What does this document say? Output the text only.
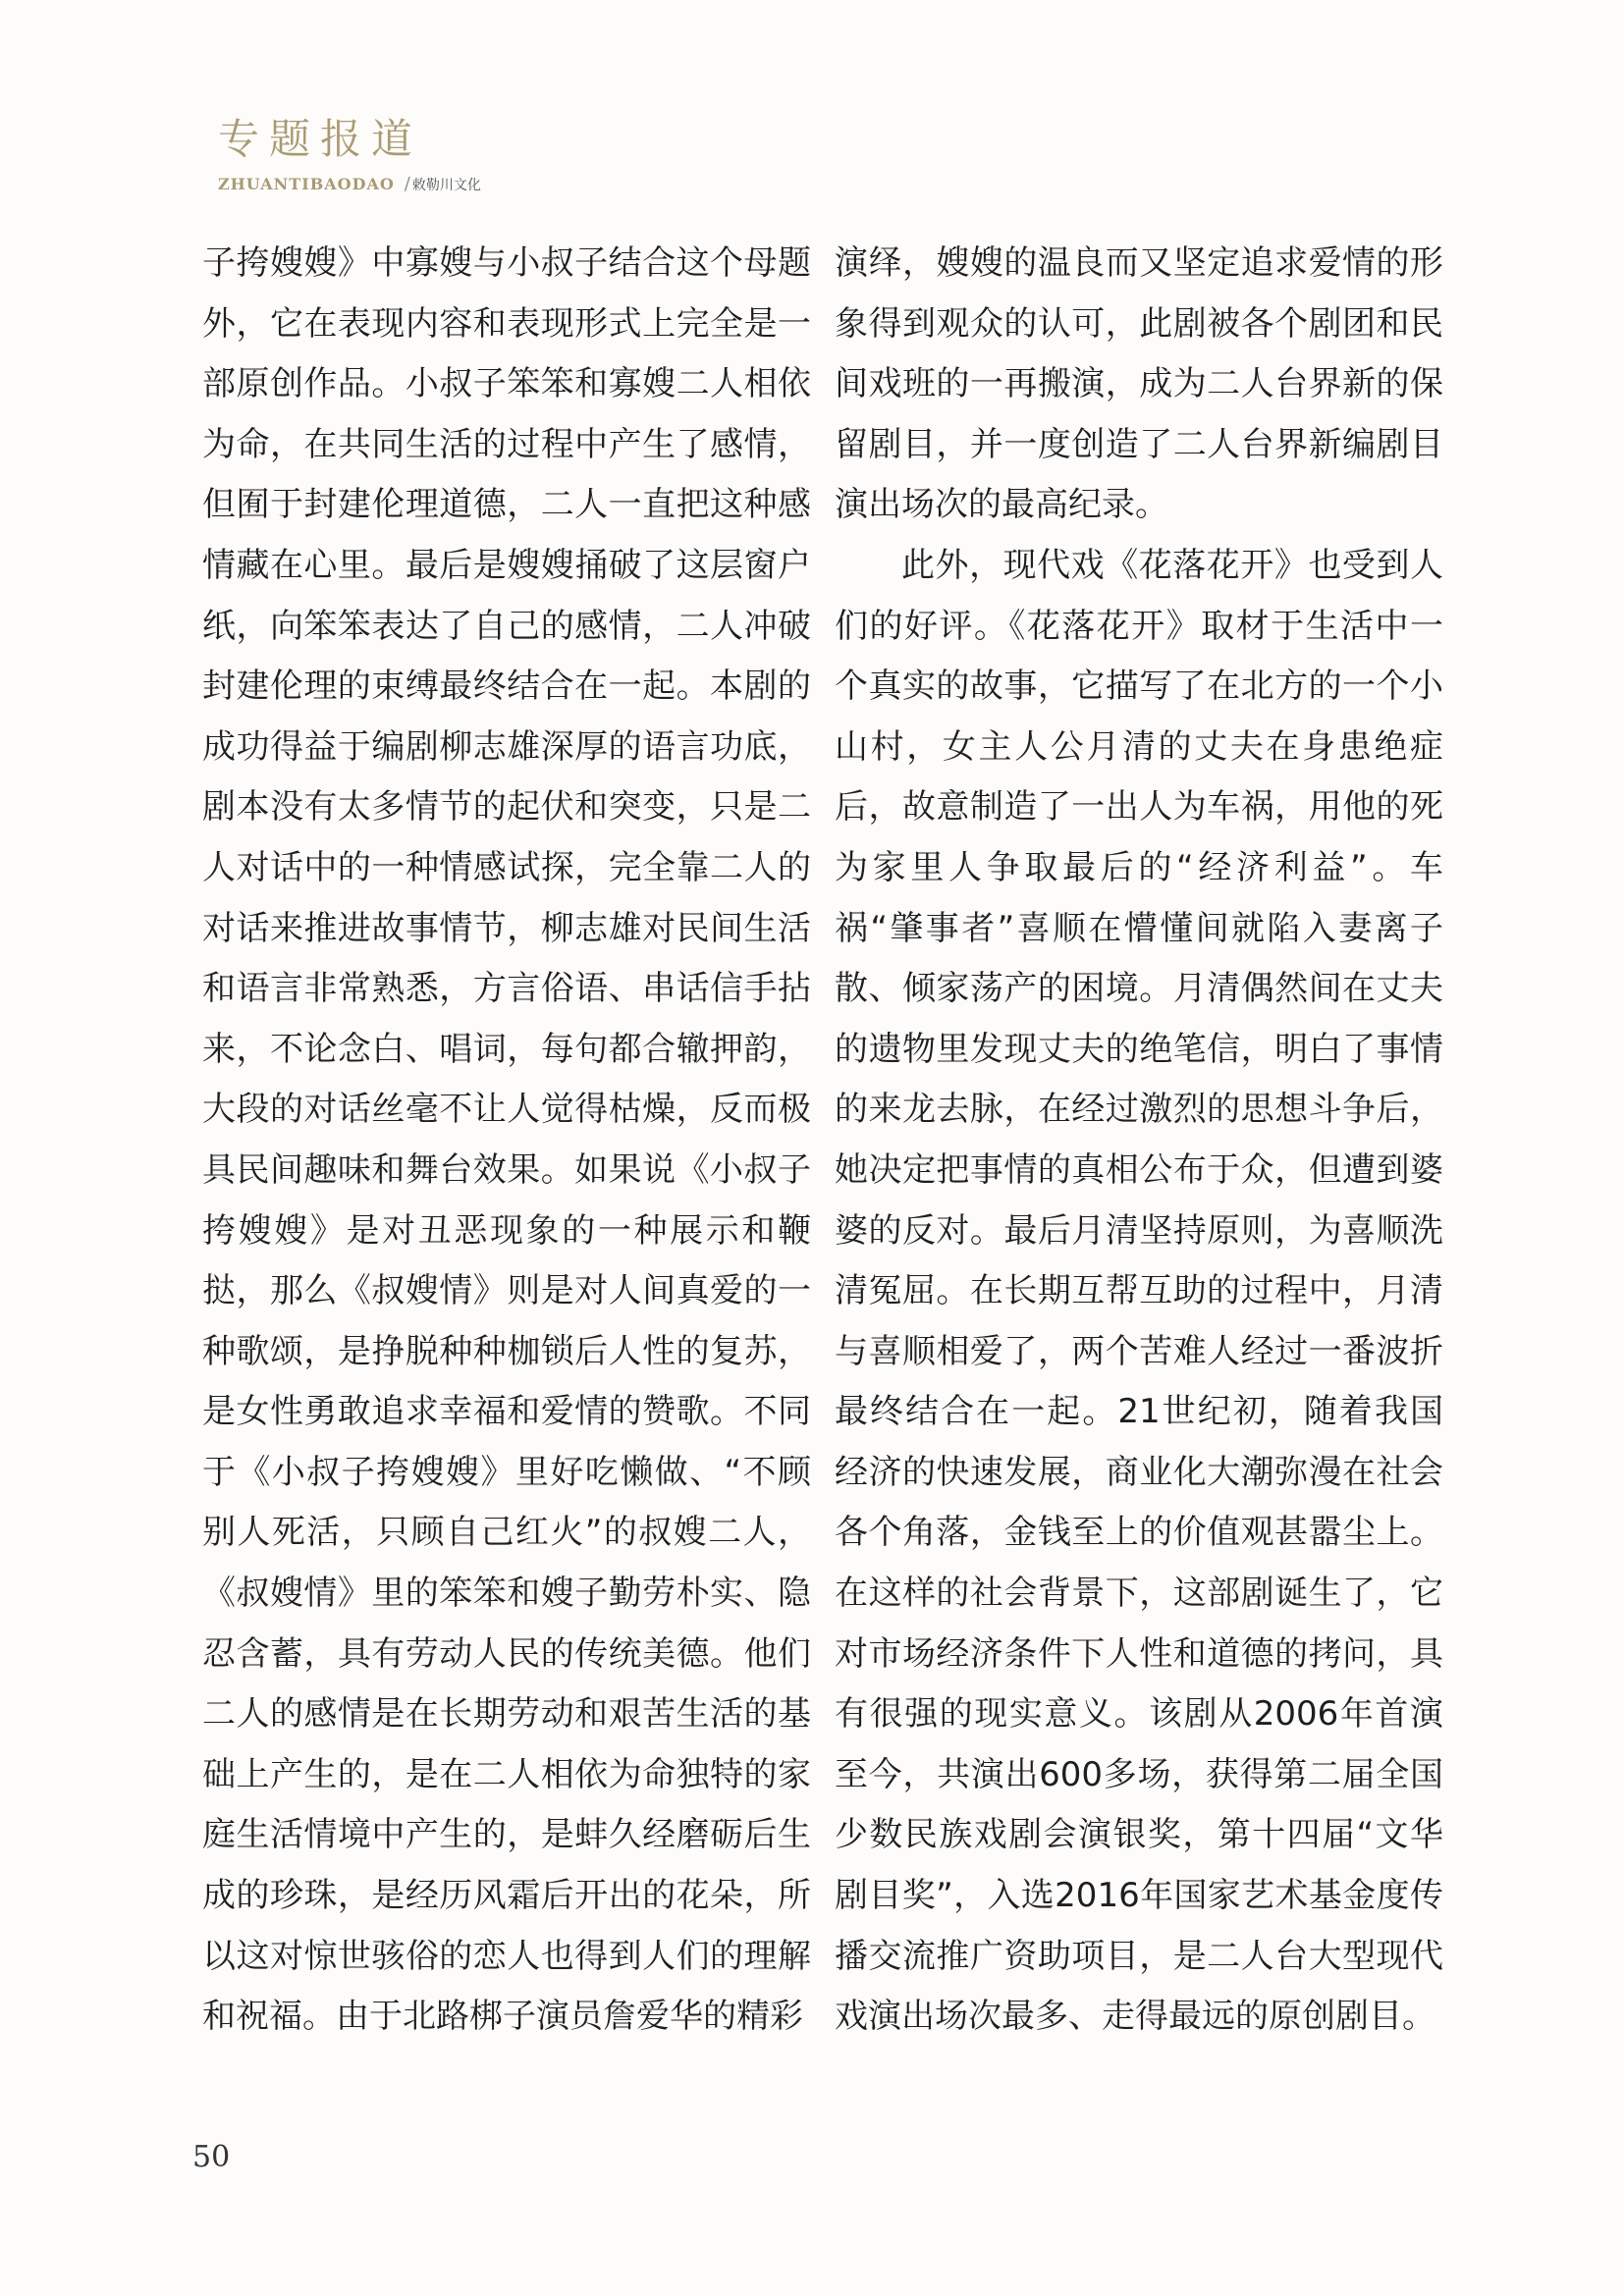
专题报道
ZHUANTIBAODAO / 敕勒川文化

子挎嫂嫂》中寡嫂与小叔子结合这个母题外，它在表现内容和表现形式上完全是一部原创作品。小叔子笨笨和寡嫂二人相依为命，在共同生活的过程中产生了感情，但囿于封建伦理道德，二人一直把这种感情藏在心里。最后是嫂嫂捅破了这层窗户纸，向笨笨表达了自己的感情，二人冲破封建伦理的束缚最终结合在一起。本剧的成功得益于编剧柳志雄深厚的语言功底，剧本没有太多情节的起伏和突变，只是二人对话中的一种情感试探，完全靠二人的对话来推进故事情节，柳志雄对民间生活和语言非常熟悉，方言俗语、串话信手拈来，不论念白、唱词，每句都合辙押韵，大段的对话丝毫不让人觉得枯燥，反而极具民间趣味和舞台效果。如果说《小叔子挎嫂嫂》是对丑恶现象的一种展示和鞭挞，那么《叔嫂情》则是对人间真爱的一种歌颂，是挣脱种种枷锁后人性的复苏，是女性勇敢追求幸福和爱情的赞歌。不同于《小叔子挎嫂嫂》里好吃懒做、“不顾别人死活，只顾自己红火”的叔嫂二人，《叔嫂情》里的笨笨和嫂子勤劳朴实、隐忍含蓄，具有劳动人民的传统美德。他们二人的感情是在长期劳动和艰苦生活的基础上产生的，是在二人相依为命独特的家庭生活情境中产生的，是蚌久经磨砺后生成的珍珠，是经历风霜后开出的花朵，所以这对惊世骇俗的恋人也得到人们的理解和祝福。由于北路梆子演员詹爱华的精彩

演绎，嫂嫂的温良而又坚定追求爱情的形象得到观众的认可，此剧被各个剧团和民间戏班的一再搬演，成为二人台界新的保留剧目，并一度创造了二人台界新编剧目演出场次的最高纪录。

此外，现代戏《花落花开》也受到人们的好评。《花落花开》取材于生活中一个真实的故事，它描写了在北方的一个小山村，女主人公月清的丈夫在身患绝症后，故意制造了一出人为车祸，用他的死为家里人争取最后的“经济利益”。车祸“肇事者”喜顺在懵懂间就陷入妻离子散、倾家荡产的困境。月清偶然间在丈夫的遗物里发现丈夫的绝笔信，明白了事情的来龙去脉，在经过激烈的思想斗争后，她决定把事情的真相公布于众，但遭到婆婆的反对。最后月清坚持原则，为喜顺洗清冤屈。在长期互帮互助的过程中，月清与喜顺相爱了，两个苦难人经过一番波折最终结合在一起。21世纪初，随着我国经济的快速发展，商业化大潮弥漫在社会各个角落，金钱至上的价值观甚嚣尘上。在这样的社会背景下，这部剧诞生了，它对市场经济条件下人性和道德的拷问，具有很强的现实意义。该剧从2006年首演至今，共演出600多场，获得第二届全国少数民族戏剧会演银奖，第十四届“文华剧目奖”，入选2016年国家艺术基金度传播交流推广资助项目，是二人台大型现代戏演出场次最多、走得最远的原创剧目。

50
